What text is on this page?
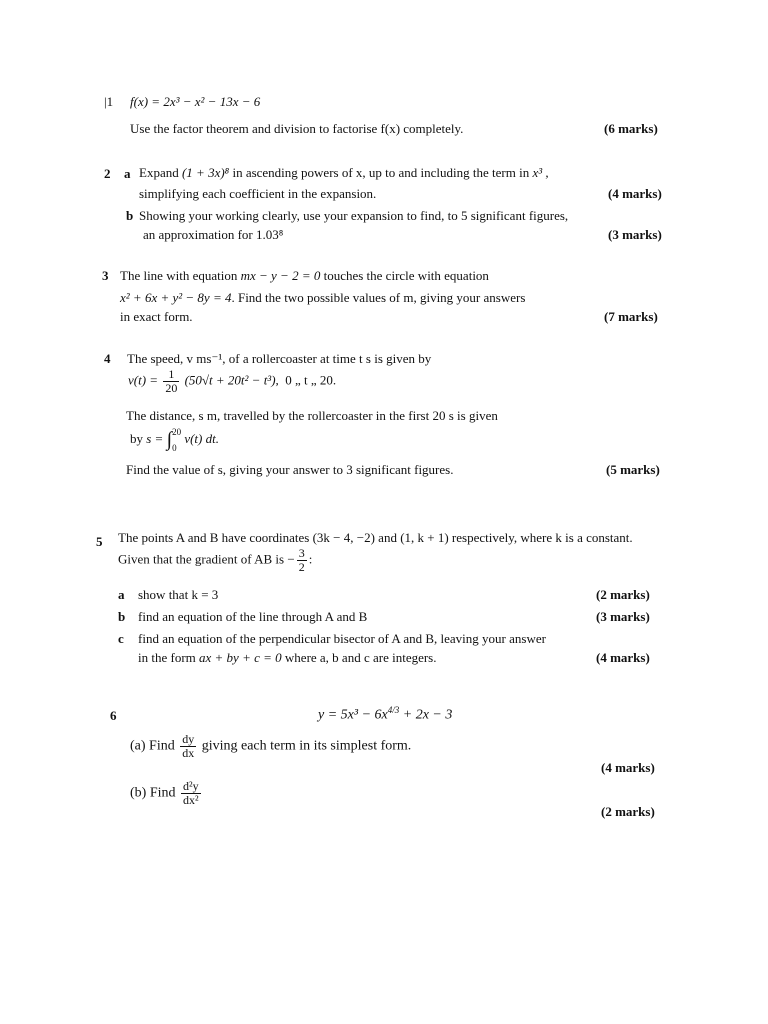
|1 f(x) = 2x³ − x² − 13x − 6
Use the factor theorem and division to factorise f(x) completely.	(6 marks)
2 a Expand (1 + 3x)⁸ in ascending powers of x, up to and including the term in x³ ,
simplifying each coefficient in the expansion.	(4 marks)
b Showing your working clearly, use your expansion to find, to 5 significant figures,
an approximation for 1.03⁸	(3 marks)
3 The line with equation mx − y − 2 = 0 touches the circle with equation
x² + 6x + y² − 8y = 4. Find the two possible values of m, giving your answers
in exact form.	(7 marks)
4 The speed, v ms⁻¹, of a rollercoaster at time t s is given by
$v(t) = \frac{1}{20} (50√t + 20t^2 - t^3)$, 0 „ t „ 20.
The distance, s m, travelled by the rollercoaster in the first 20 s is given
by s = ∫ 20
0
v(t) dt.
Find the value of s, giving your answer to 3 significant figures.	(5 marks)
5 The points A and B have coordinates (3k − 4, −2) and (1, k + 1) respectively, where k is a constant.
Given that the gradient of AB is − $\frac{3}{2}$ :
a show that k = 3	(2 marks)
b find an equation of the line through A and B	(3 marks)
c find an equation of the perpendicular bisector of A and B, leaving your answer
in the form ax + by + c = 0 where a, b and c are integers.	(4 marks)
6	$y = 5x^3 - 6x^{4/3} + 2x - 3$
(a) Find $\frac{dy}{dx}$ giving each term in its simplest form.
(4 marks)
(b) Find $\frac{\text{d²y}}{\text{dx²}}$
(2 marks)
